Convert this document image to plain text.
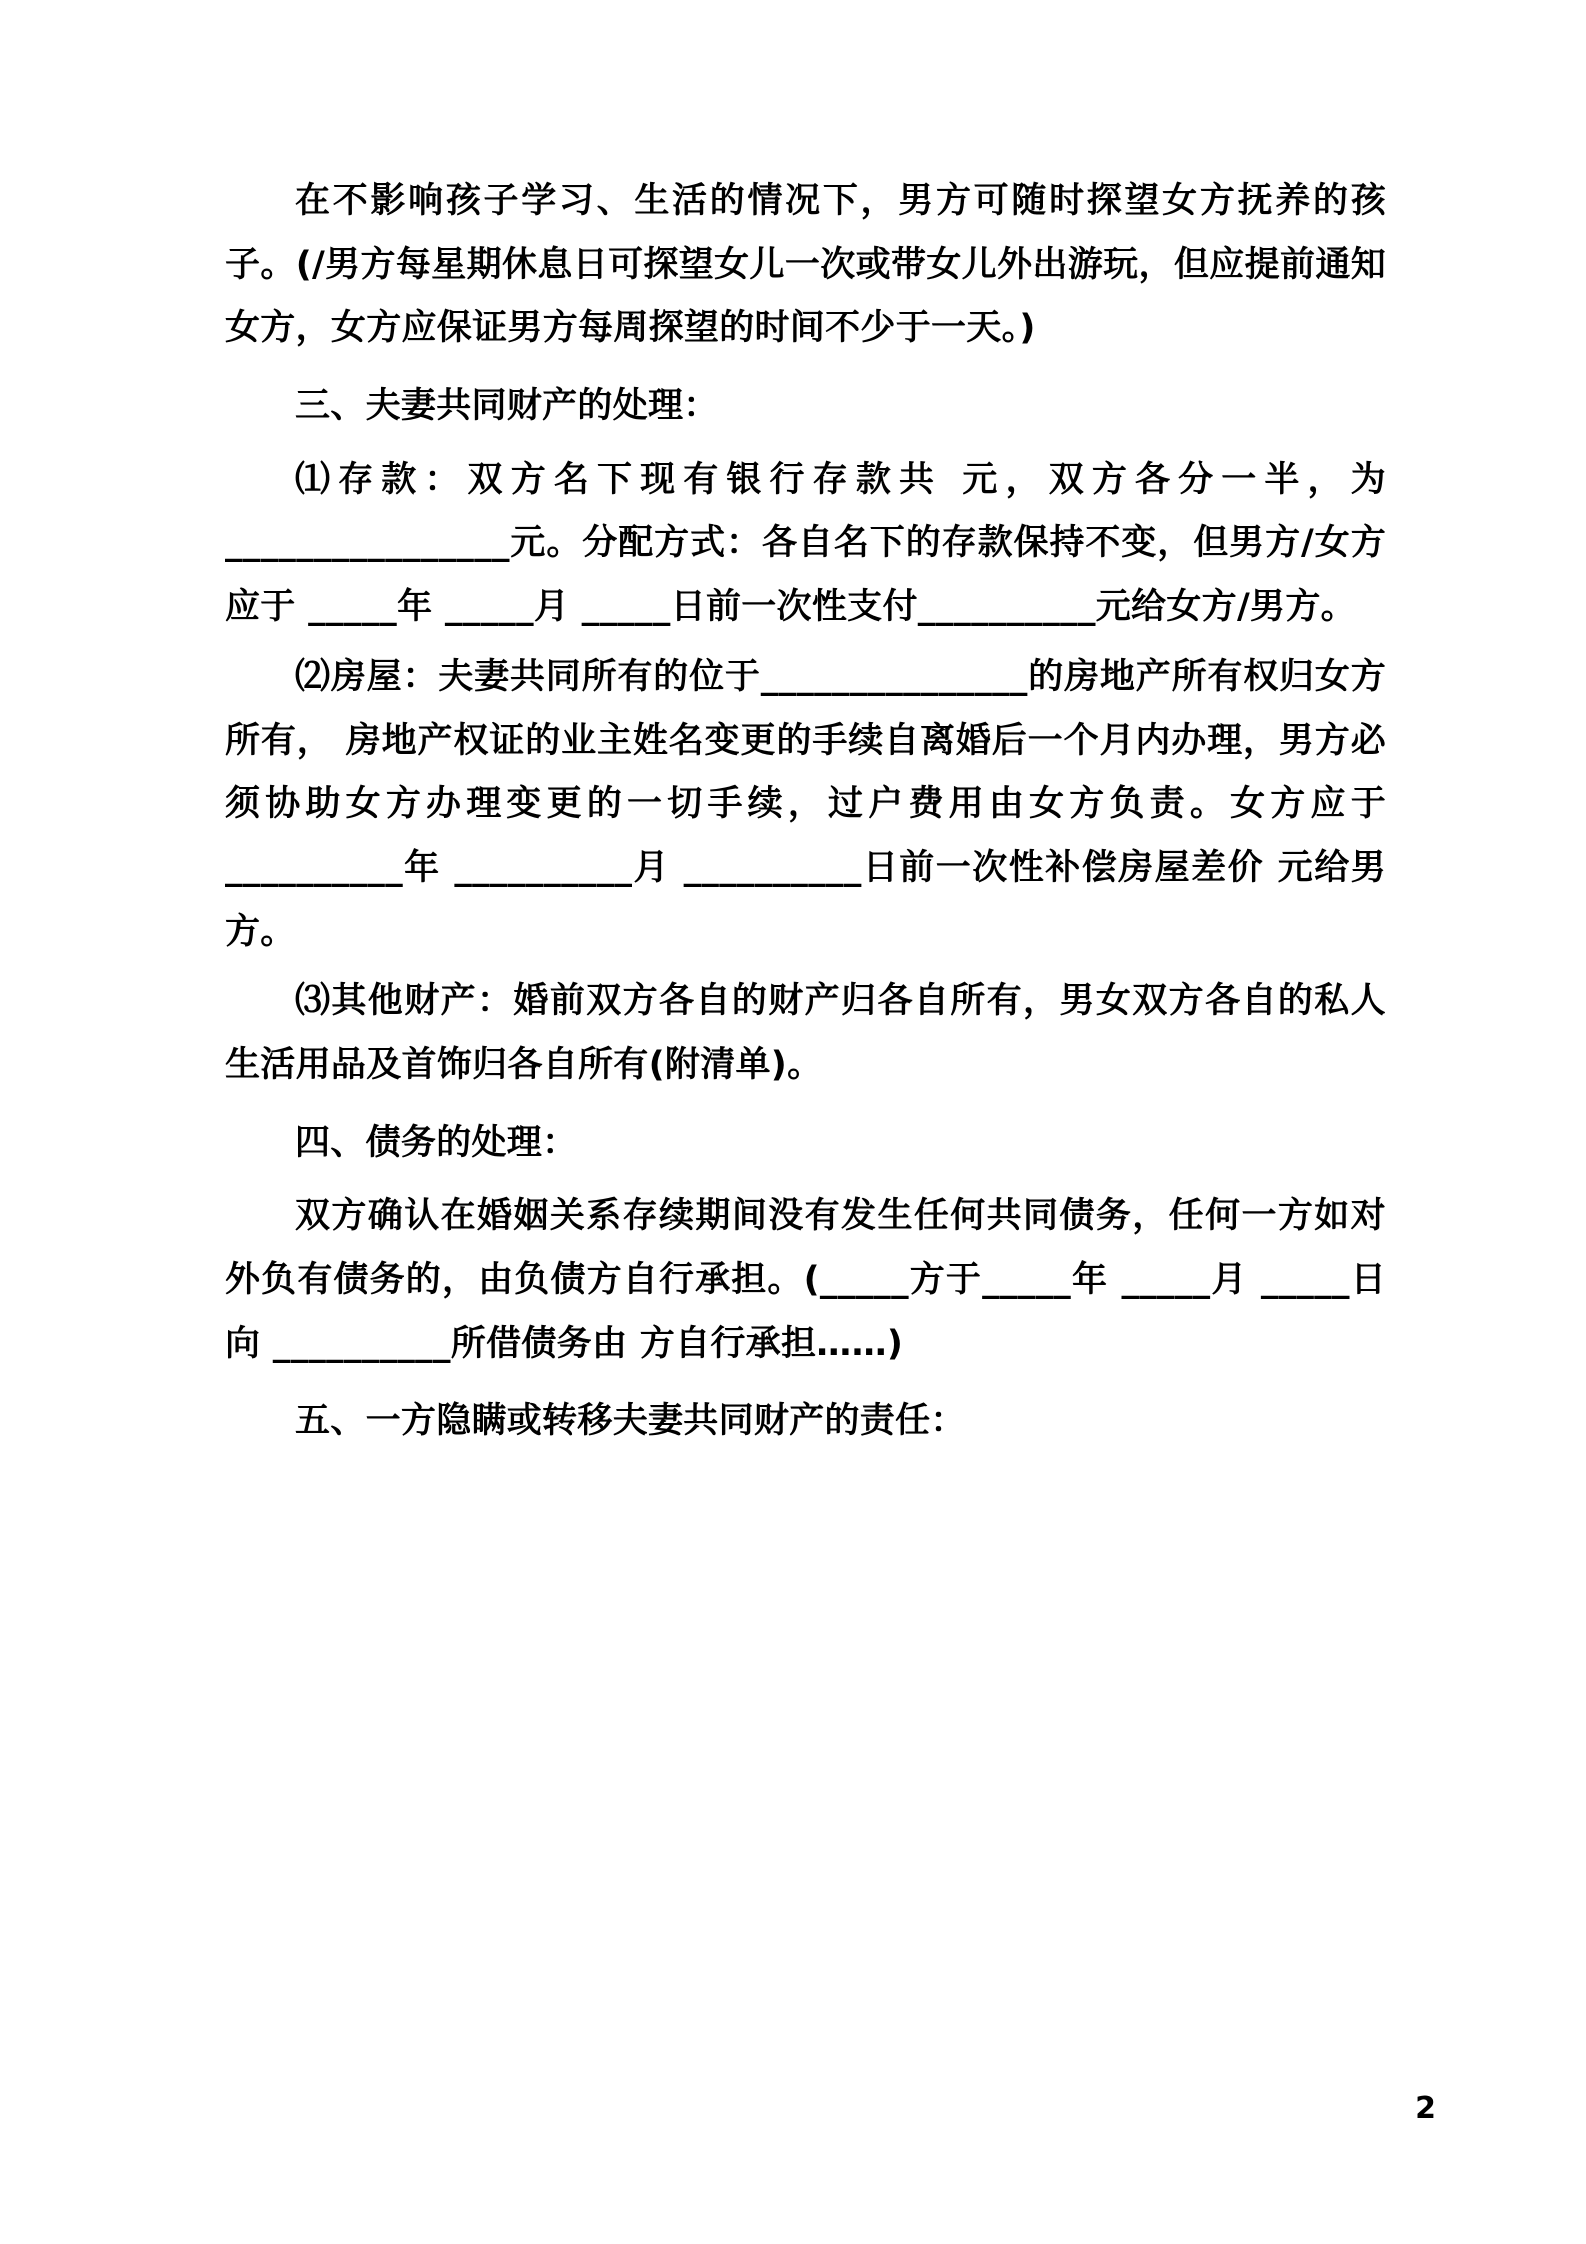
在不影响孩子学习、生活的情况下，男方可随时探望女方抚养的孩子。(/男方每星期休息日可探望女儿一次或带女儿外出游玩，但应提前通知女方，女方应保证男方每周探望的时间不少于一天。)

三、夫妻共同财产的处理：

⑴存款：双方名下现有银行存款共 元，双方各分一半，为________________元。分配方式：各自名下的存款保持不变，但男方/女方应于 _____年 _____月 _____日前一次性支付__________元给女方/男方。

⑵房屋：夫妻共同所有的位于_______________的房地产所有权归女方所有， 房地产权证的业主姓名变更的手续自离婚后一个月内办理，男方必须协助女方办理变更的一切手续，过户费用由女方负责。女方应于 __________年 __________月 __________日前一次性补偿房屋差价 元给男方。

⑶其他财产：婚前双方各自的财产归各自所有，男女双方各自的私人生活用品及首饰归各自所有(附清单)。

四、债务的处理：

双方确认在婚姻关系存续期间没有发生任何共同债务，任何一方如对外负有债务的，由负债方自行承担。(_____方于_____年 _____月 _____日向 __________所借债务由 方自行承担……)

五、一方隐瞒或转移夫妻共同财产的责任：

2
